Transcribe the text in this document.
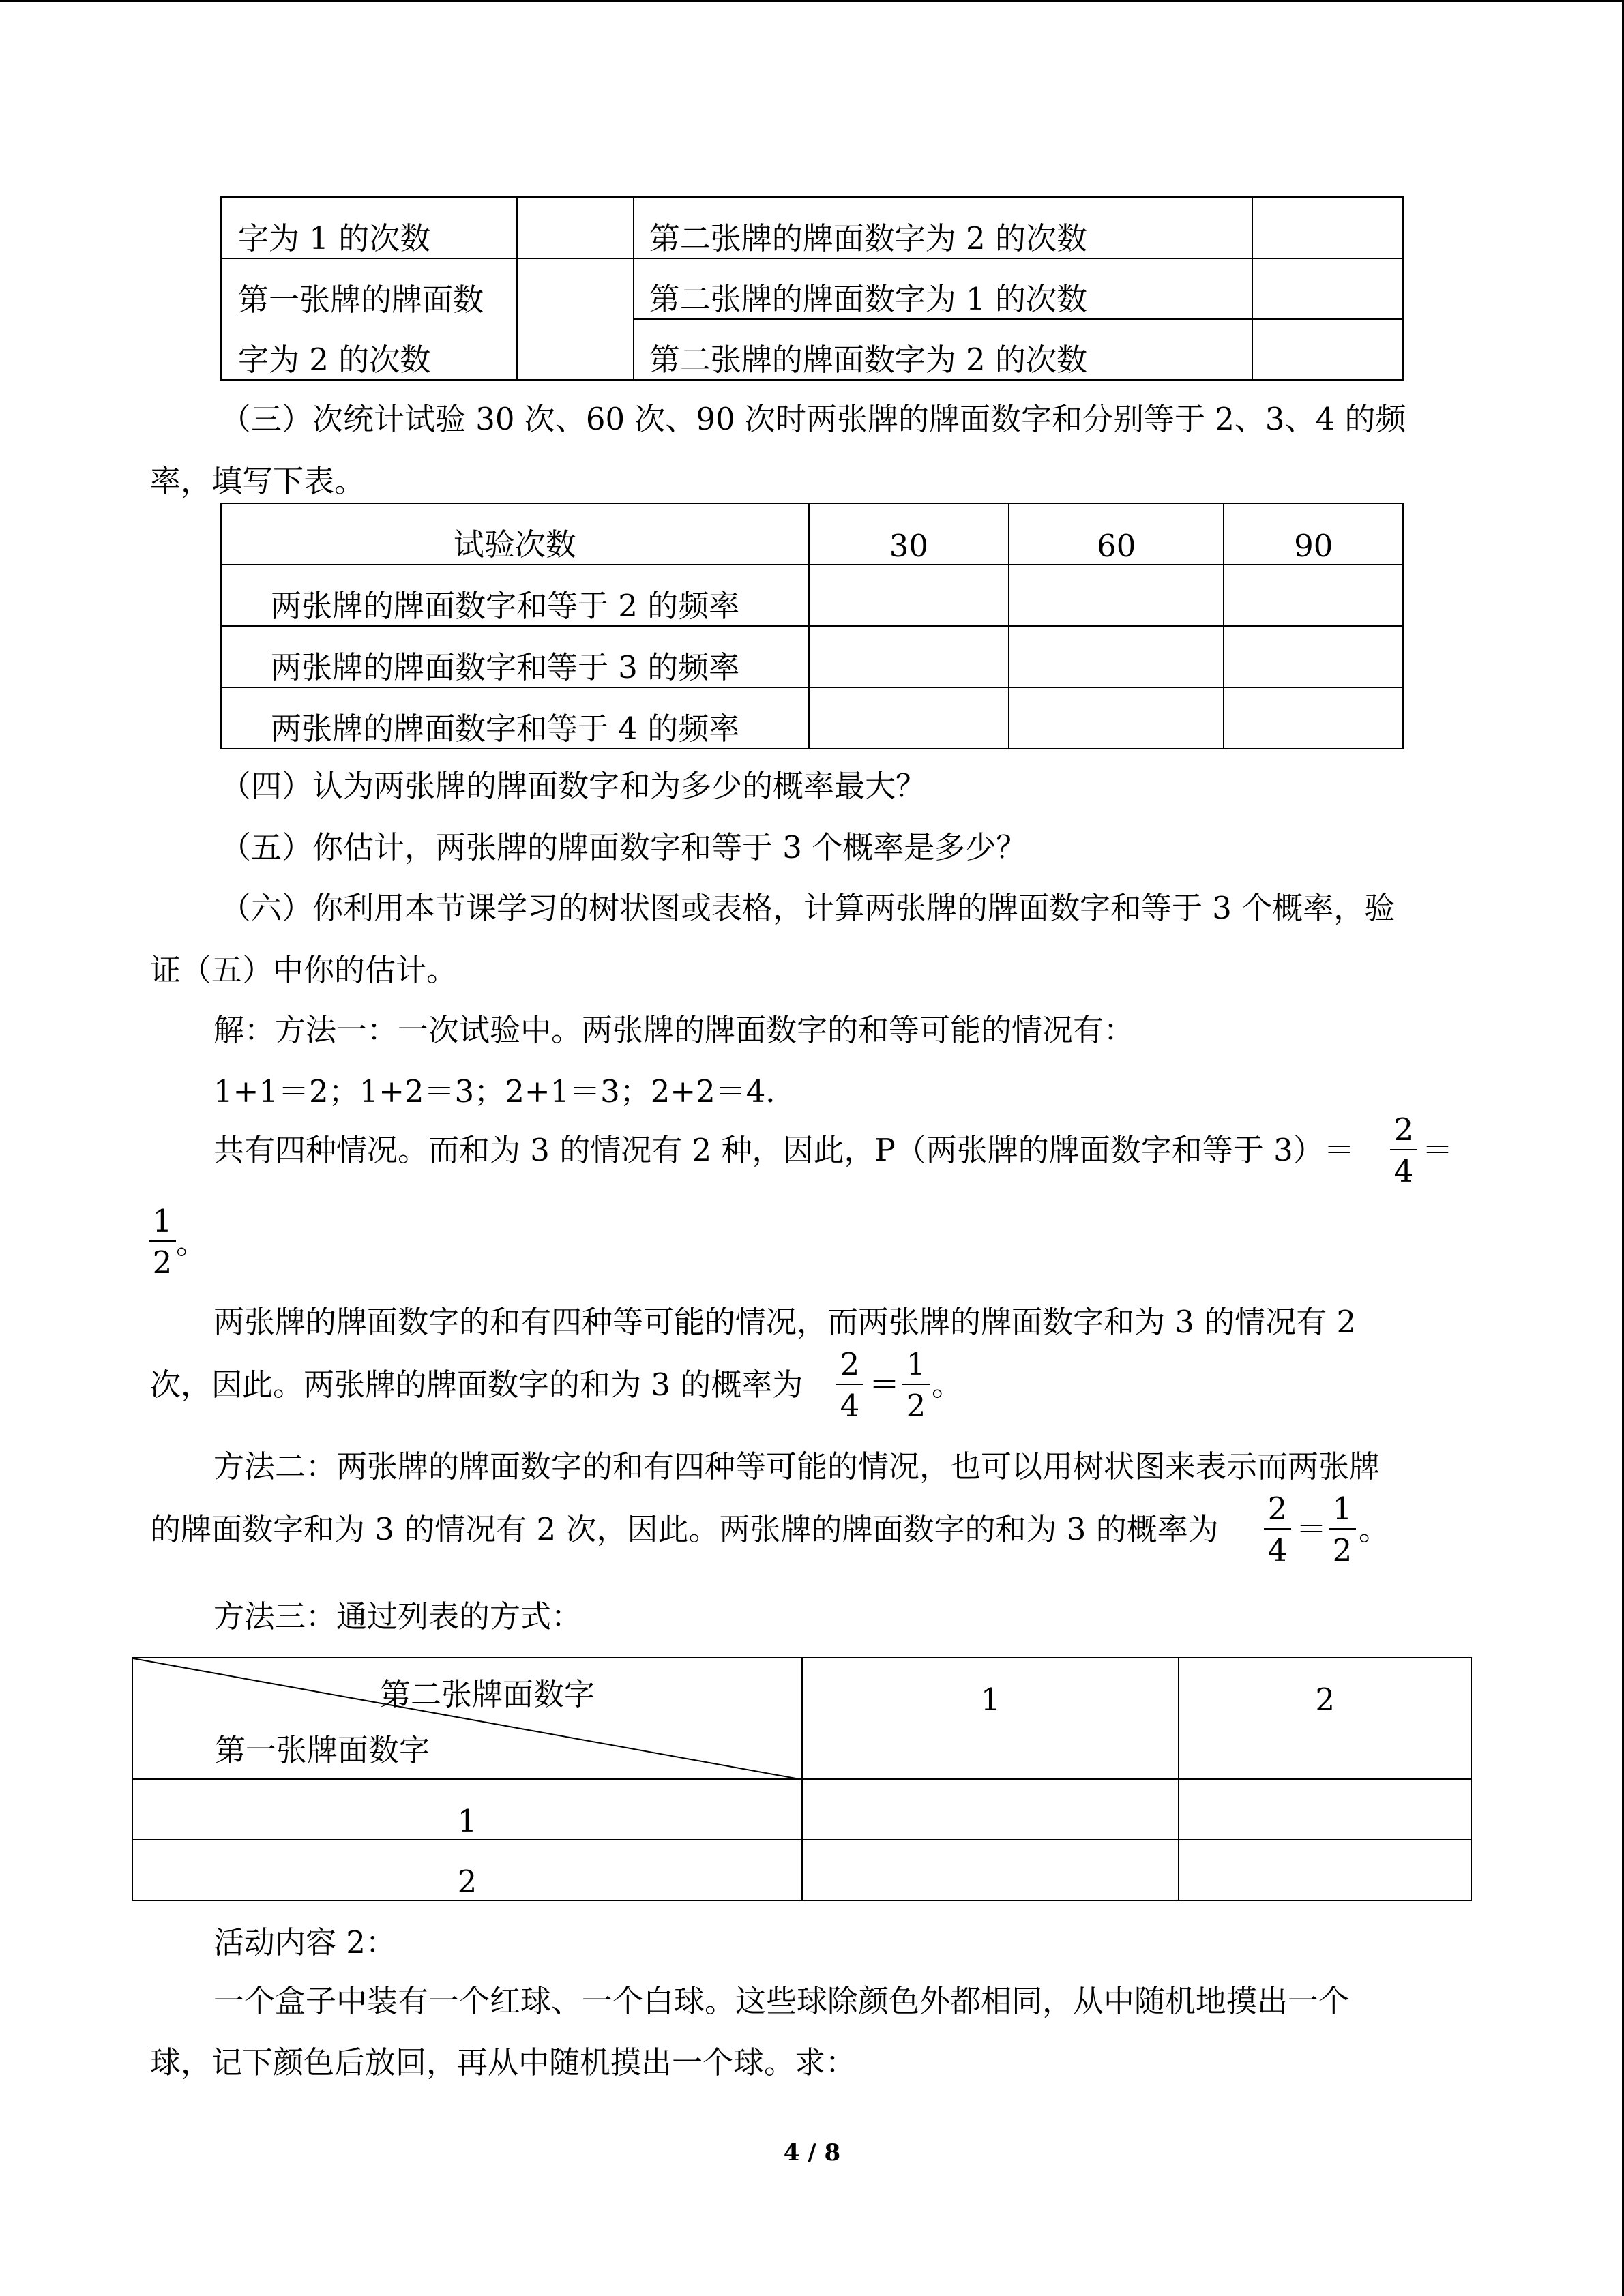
字为 1 的次数		第二张牌的牌面数字为 2 的次数	
第一张牌的牌面数		第二张牌的牌面数字为 1 的次数	
字为 2 的次数		第二张牌的牌面数字为 2 的次数	
（三）次统计试验 30 次、60 次、90 次时两张牌的牌面数字和分别等于 2、3、4 的频
率，填写下表。
试验次数	30	60	90
两张牌的牌面数字和等于 2 的频率			
两张牌的牌面数字和等于 3 的频率			
两张牌的牌面数字和等于 4 的频率			
（四）认为两张牌的牌面数字和为多少的概率最大？
（五）你估计，两张牌的牌面数字和等于 3 个概率是多少？
（六）你利用本节课学习的树状图或表格，计算两张牌的牌面数字和等于 3 个概率，验
证（五）中你的估计。
解：方法一：一次试验中。两张牌的牌面数字的和等可能的情况有：
1+1＝2；1+2＝3；2+1＝3；2+2＝4．
共有四种情况。而和为 3 的情况有 2 种，因此，P（两张牌的牌面数字和等于 3）＝
2
4
＝
1
2
。
两张牌的牌面数字的和有四种等可能的情况，而两张牌的牌面数字和为 3 的情况有 2
次，因此。两张牌的牌面数字的和为 3 的概率为
2
4
＝
1
2
。
方法二：两张牌的牌面数字的和有四种等可能的情况，也可以用树状图来表示而两张牌
的牌面数字和为 3 的情况有 2 次，因此。两张牌的牌面数字的和为 3 的概率为
2
4
＝
1
2
。
方法三：通过列表的方式：
第二张牌面数字
第一张牌面数字	1	2
1		
2		
活动内容 2：
一个盒子中装有一个红球、一个白球。这些球除颜色外都相同，从中随机地摸出一个
球，记下颜色后放回，再从中随机摸出一个球。求：
4 / 8
